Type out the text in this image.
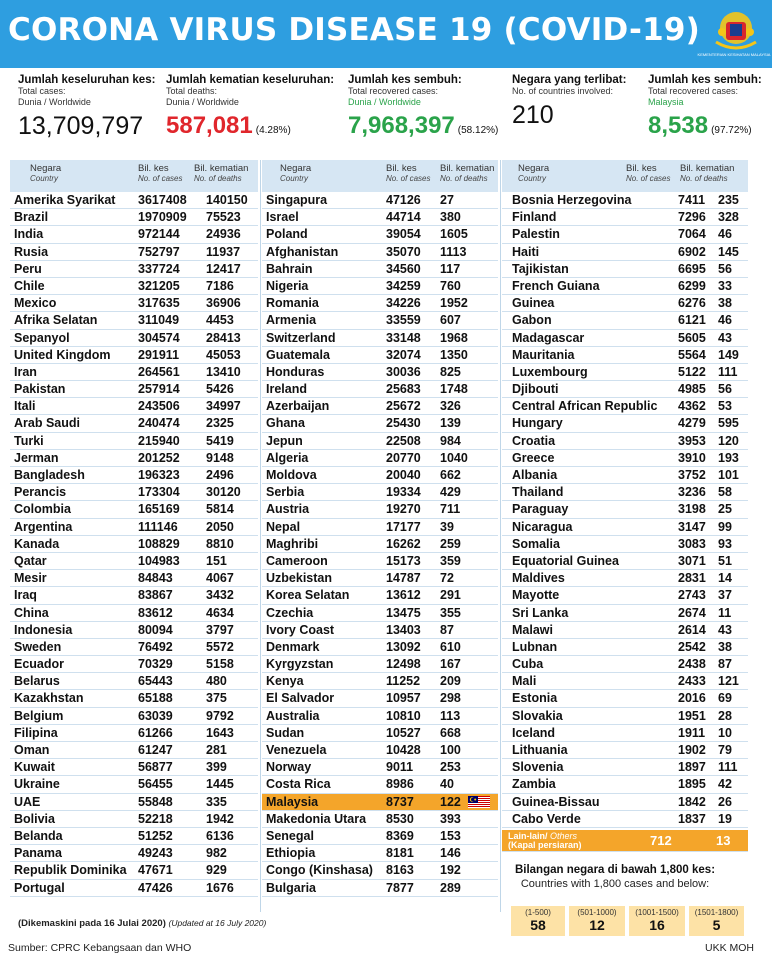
CORONA VIRUS DISEASE 19 (COVID-19)
KEMENTERIAN KESIHATAN MALAYSIA
Jumlah keseluruhan kes:
Total cases:
Dunia / Worldwide
13,709,797
Jumlah kematian keseluruhan:
Total deaths:
Dunia / Worldwide
587,081 (4.28%)
Jumlah kes sembuh:
Total recovered cases:
Dunia / Worldwide
7,968,397 (58.12%)
Negara yang terlibat:
No. of countries involved:
210
Jumlah kes sembuh:
Total recovered cases:
Malaysia
8,538 (97.72%)
Negara
Country
Bil. kes
No. of cases
Bil. kematian
No. of deaths
Amerika Syarikat 3617408 140150
Brazil	1970909 75523
India	972144 24936
Rusia	752797 11937
Peru	337724 12417
Chile	321205 7186
Mexico	317635 36906
Afrika Selatan	311049 4453
Sepanyol	304574 28413
United Kingdom 291911 45053
Iran	264561 13410
Pakistan	257914 5426
Itali	243506 34997
Arab Saudi	240474 2325
Turki	215940 5419
Jerman	201252 9148
Bangladesh	196323 2496
Perancis	173304 30120
Colombia	165169 5814
Argentina	111146 2050
Kanada	108829 8810
Qatar	104983 151
Mesir	84843	4067
Iraq	83867	3432
China	83612	4634
Indonesia	80094	3797
Sweden	76492	5572
Ecuador	70329	5158
Belarus	65443	480
Kazakhstan	65188	375
Belgium	63039	9792
Filipina	61266	1643
Oman	61247	281
Kuwait	56877	399
Ukraine	56455	1445
UAE	55848	335
Bolivia	52218	1942
Belanda	51252	6136
Panama	49243	982
Republik Dominika 47671	929
Portugal	47426	1676
Negara
Country
Bil. kes
No. of cases
Bil. kematian
No. of deaths
Singapura	47126 27
Israel	44714 380
Poland	39054 1605
Afghanistan	35070 1113
Bahrain	34560 117
Nigeria	34259 760
Romania	34226 1952
Armenia	33559 607
Switzerland	33148 1968
Guatemala	32074 1350
Honduras	30036 825
Ireland	25683 1748
Azerbaijan	25672 326
Ghana	25430 139
Jepun	22508 984
Algeria	20770 1040
Moldova	20040 662
Serbia	19334 429
Austria	19270 711
Nepal	17177 39
Maghribi	16262 259
Cameroon	15173 359
Uzbekistan	14787 72
Korea Selatan	13612 291
Czechia	13475 355
Ivory Coast	13403 87
Denmark	13092 610
Kyrgyzstan	12498 167
Kenya	11252 209
El Salvador	10957 298
Australia	10810 113
Sudan	10527 668
Venezuela	10428 100
Norway	9011 253
Costa Rica	8986 40
Malaysia	8737 122
Makedonia Utara 8530 393
Senegal	8369 153
Ethiopia	8181 146
Congo (Kinshasa) 8163 192
Bulgaria	7877 289
Negara
Country
Bil. kes
No. of cases
Bil. kematian
No. of deaths
Bosnia Herzegovina	7411 235
Finland	7296 328
Palestin	7064 46
Haiti	6902 145
Tajikistan	6695 56
French Guiana	6299 33
Guinea	6276 38
Gabon	6121 46
Madagascar	5605 43
Mauritania	5564 149
Luxembourg	5122 111
Djibouti	4985 56
Central African Republic 4362 53
Hungary	4279 595
Croatia	3953 120
Greece	3910 193
Albania	3752 101
Thailand	3236 58
Paraguay	3198 25
Nicaragua	3147 99
Somalia	3083 93
Equatorial Guinea	3071 51
Maldives	2831 14
Mayotte	2743 37
Sri Lanka	2674 11
Malawi	2614 43
Lubnan	2542 38
Cuba	2438 87
Mali	2433 121
Estonia	2016 69
Slovakia	1951 28
Iceland	1911 10
Lithuania	1902 79
Slovenia	1897 111
Zambia	1895 42
Guinea-Bissau	1842 26
Cabo Verde	1837 19
Lain-lain/ Others
(Kapal persiaran)	712	13
Bilangan negara di bawah 1,800 kes:
Countries with 1,800 cases and below:
(1-500)
58
(501-1000)
12
(1001-1500)
16
(1501-1800)
5
(Dikemaskini pada 16 Julai 2020) (Updated at 16 July 2020)
Sumber: CPRC Kebangsaan dan WHO	UKK MOH
